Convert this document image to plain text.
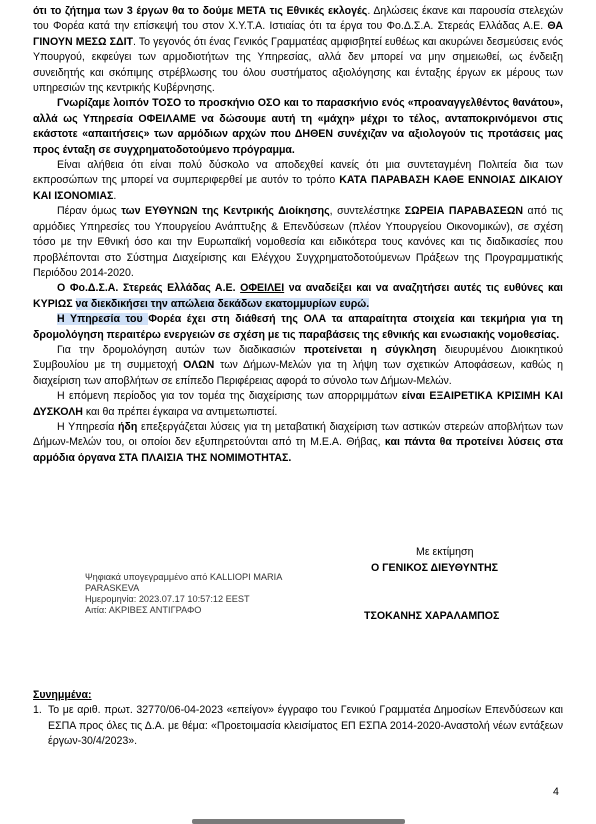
ότι το ζήτημα των 3 έργων θα το δούμε ΜΕΤΑ τις Εθνικές εκλογές. Δηλώσεις έκανε και παρουσία στελεχών του Φορέα κατά την επίσκεψή του στον Χ.Υ.Τ.Α. Ιστιαίας ότι τα έργα του Φο.Δ.Σ.Α. Στερεάς Ελλάδας Α.Ε. ΘΑ ΓΙΝΟΥΝ ΜΕΣΩ ΣΔΙΤ. Το γεγονός ότι ένας Γενικός Γραμματέας αμφισβητεί ευθέως και ακυρώνει δεσμεύσεις ενός Υπουργού, εκφεύγει των αρμοδιοτήτων της Υπηρεσίας, αλλά δεν μπορεί να μην σημειωθεί, ως ένδειξη συνειδητής και σκόπιμης στρέβλωσης του όλου συστήματος αξιολόγησης και ένταξης έργων εκ μέρους των υπηρεσιών της κεντρικής Κυβέρνησης.

Γνωρίζαμε λοιπόν ΤΟΣΟ το προσκήνιο ΟΣΟ και το παρασκήνιο ενός «προαναγγελθέντος θανάτου», αλλά ως Υπηρεσία ΟΦΕΙΛΑΜΕ να δώσουμε αυτή τη «μάχη» μέχρι το τέλος, ανταποκρινόμενοι στις εκάστοτε «απαιτήσεις» των αρμόδιων αρχών που ΔΗΘΕΝ συνέχιζαν να αξιολογούν τις προτάσεις μας προς ένταξη σε συγχρηματοδοτούμενο πρόγραμμα.

Είναι αλήθεια ότι είναι πολύ δύσκολο να αποδεχθεί κανείς ότι μια συντεταγμένη Πολιτεία δια των εκπροσώπων της μπορεί να συμπεριφερθεί με αυτόν το τρόπο ΚΑΤΑ ΠΑΡΑΒΑΣΗ ΚΑΘΕ ΕΝΝΟΙΑΣ ΔΙΚΑΙΟΥ ΚΑΙ ΙΣΟΝΟΜΙΑΣ.

Πέραν όμως των ΕΥΘΥΝΩΝ της Κεντρικής Διοίκησης, συντελέστηκε ΣΩΡΕΙΑ ΠΑΡΑΒΑΣΕΩΝ από τις αρμόδιες Υπηρεσίες του Υπουργείου Ανάπτυξης & Επενδύσεων (πλέον Υπουργείου Οικονομικών), σε σχέση τόσο με την Εθνική όσο και την Ευρωπαϊκή νομοθεσία και ειδικότερα τους κανόνες και τις διαδικασίες που προβλέπονται στο Σύστημα Διαχείρισης και Ελέγχου Συγχρηματοδοτούμενων Πράξεων της Προγραμματικής Περιόδου 2014-2020.

Ο Φο.Δ.Σ.Α. Στερεάς Ελλάδας Α.Ε. ΟΦΕΙΛΕΙ να αναδείξει και να αναζητήσει αυτές τις ευθύνες και ΚΥΡΙΩΣ να διεκδικήσει την απώλεια δεκάδων εκατομμυρίων ευρώ.

Η Υπηρεσία του Φορέα έχει στη διάθεσή της ΟΛΑ τα απαραίτητα στοιχεία και τεκμήρια για τη δρομολόγηση περαιτέρω ενεργειών σε σχέση με τις παραβάσεις της εθνικής και ενωσιακής νομοθεσίας.

Για την δρομολόγηση αυτών των διαδικασιών προτείνεται η σύγκληση διευρυμένου Διοικητικού Συμβουλίου με τη συμμετοχή ΟΛΩΝ των Δήμων-Μελών για τη λήψη των σχετικών Αποφάσεων, καθώς η διαχείριση των αποβλήτων σε επίπεδο Περιφέρειας αφορά το σύνολο των Δήμων-Μελών.

Η επόμενη περίοδος για τον τομέα της διαχείρισης των απορριμμάτων είναι ΕΞΑΙΡΕΤΙΚΑ ΚΡΙΣΙΜΗ ΚΑΙ ΔΥΣΚΟΛΗ και θα πρέπει έγκαιρα να αντιμετωπιστεί.

Η Υπηρεσία ήδη επεξεργάζεται λύσεις για τη μεταβατική διαχείριση των αστικών στερεών αποβλήτων των Δήμων-Μελών του, οι οποίοι δεν εξυπηρετούνται από τη Μ.Ε.Α. Θήβας, και πάντα θα προτείνει λύσεις στα αρμόδια όργανα ΣΤΑ ΠΛΑΙΣΙΑ ΤΗΣ ΝΟΜΙΜΟΤΗΤΑΣ.

Με εκτίμηση
Ο ΓΕΝΙΚΟΣ ΔΙΕΥΘΥΝΤΗΣ
Ψηφιακά υπογεγραμμένο από KALLIOPI MARIA
PARASKEVA
Ημερομηνία: 2023.07.17 10:57:12 EEST
Αιτία: ΑΚΡΙΒΕΣ ΑΝΤΙΓΡΑΦΟ	ΤΣΟΚΑΝΗΣ ΧΑΡΑΛΑΜΠΟΣ
Συνημμένα:
1. Το με αριθ. πρωτ. 32770/06-04-2023 «επείγον» έγγραφο του Γενικού Γραμματέα Δημοσίων Επενδύσεων και ΕΣΠΑ προς όλες τις Δ.Α. με θέμα: «Προετοιμασία κλεισίματος ΕΠ ΕΣΠΑ 2014-2020-Αναστολή νέων εντάξεων έργων-30/4/2023».
4
